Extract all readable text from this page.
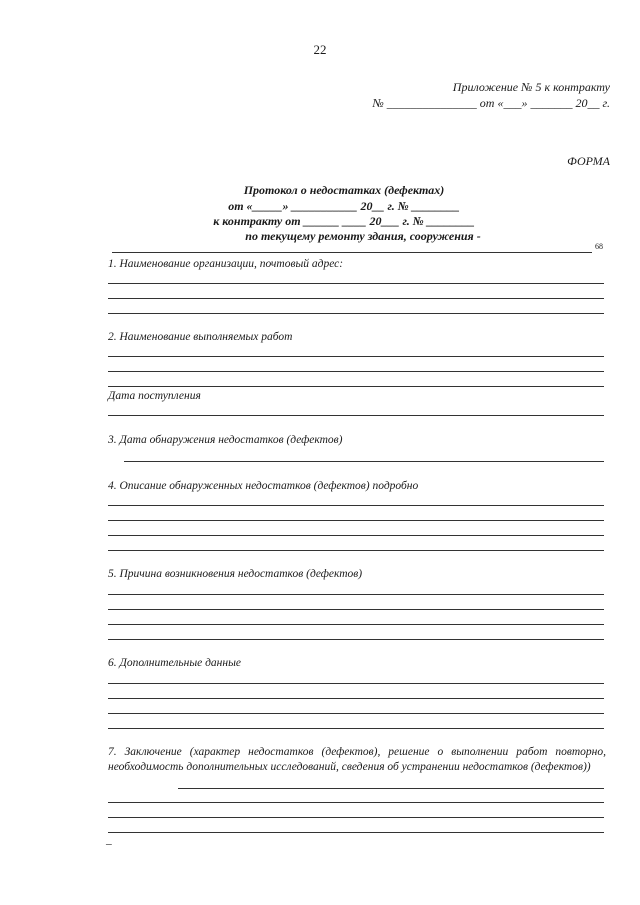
22
Приложение № 5 к контракту
№ _______________ от «___» _______ 20__ г.
ФОРМА
Протокол о недостатках (дефектах)
от «_____» ___________ 20__ г. № ________
к контракту от ______ ____ 20___ г. № ________
по текущему ремонту здания, сооружения -
68
1. Наименование организации, почтовый адрес:
2. Наименование выполняемых работ
Дата поступления
3. Дата обнаружения недостатков (дефектов)
4. Описание обнаруженных недостатков (дефектов) подробно
5. Причина возникновения недостатков (дефектов)
6. Дополнительные данные
7. Заключение (характер недостатков (дефектов), решение о выполнении работ повторно, необходимость дополнительных исследований, сведения об устранении недостатков (дефектов))
–
